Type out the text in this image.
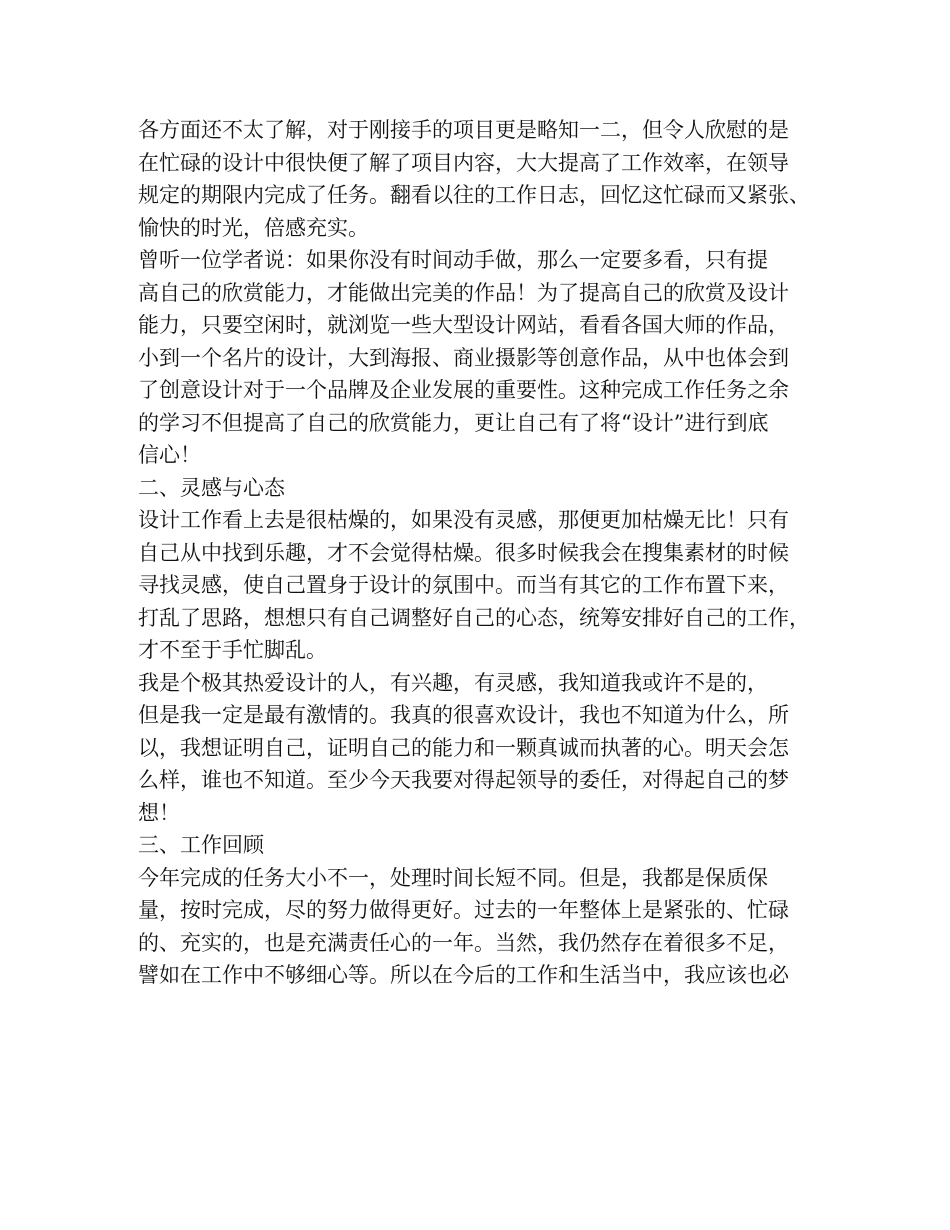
各方面还不太了解，对于刚接手的项目更是略知一二，但令人欣慰的是
在忙碌的设计中很快便了解了项目内容，大大提高了工作效率，在领导
规定的期限内完成了任务。翻看以往的工作日志，回忆这忙碌而又紧张、
愉快的时光，倍感充实。
曾听一位学者说：如果你没有时间动手做，那么一定要多看，只有提
高自己的欣赏能力，才能做出完美的作品！为了提高自己的欣赏及设计
能力，只要空闲时，就浏览一些大型设计网站，看看各国大师的作品，
小到一个名片的设计，大到海报、商业摄影等创意作品，从中也体会到
了创意设计对于一个品牌及企业发展的重要性。这种完成工作任务之余
的学习不但提高了自己的欣赏能力，更让自己有了将“设计”进行到底
信心！
二、灵感与心态
设计工作看上去是很枯燥的，如果没有灵感，那便更加枯燥无比！只有
自己从中找到乐趣，才不会觉得枯燥。很多时候我会在搜集素材的时候
寻找灵感，使自己置身于设计的氛围中。而当有其它的工作布置下来，
打乱了思路，想想只有自己调整好自己的心态，统筹安排好自己的工作，
才不至于手忙脚乱。
我是个极其热爱设计的人，有兴趣，有灵感，我知道我或许不是的，
但是我一定是最有激情的。我真的很喜欢设计，我也不知道为什么，所
以，我想证明自己，证明自己的能力和一颗真诚而执著的心。明天会怎
么样，谁也不知道。至少今天我要对得起领导的委任，对得起自己的梦
想！
三、工作回顾
今年完成的任务大小不一，处理时间长短不同。但是，我都是保质保
量，按时完成，尽的努力做得更好。过去的一年整体上是紧张的、忙碌
的、充实的，也是充满责任心的一年。当然，我仍然存在着很多不足，
譬如在工作中不够细心等。所以在今后的工作和生活当中，我应该也必
